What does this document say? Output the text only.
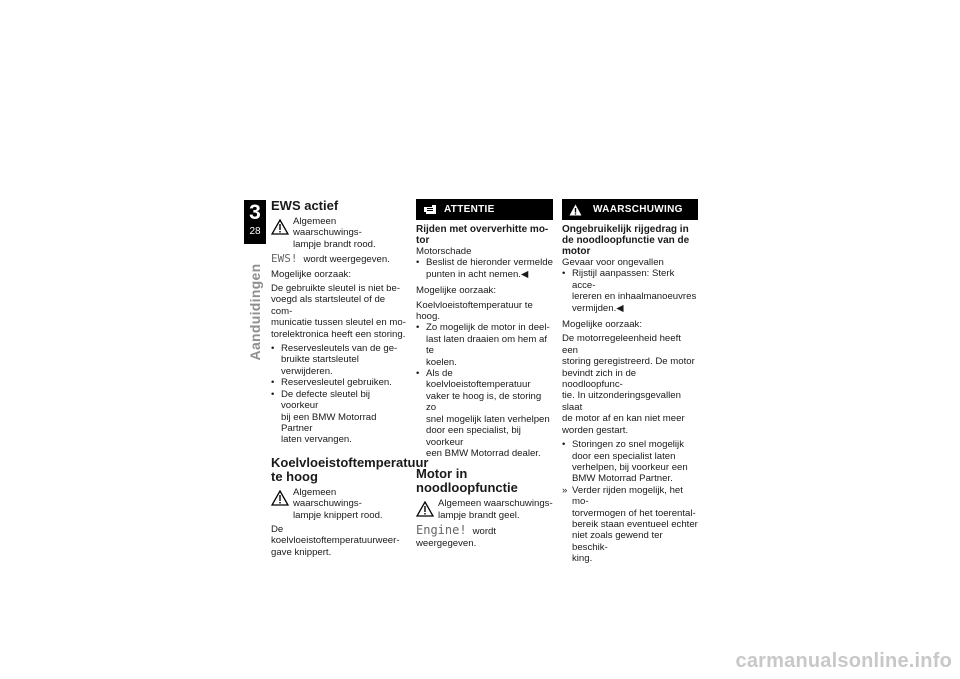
3
28
Aanduidingen
EWS actief
Algemeen waarschuwings-
lampje brandt rood.

EWS! wordt weergegeven.

Mogelijke oorzaak:

De gebruikte sleutel is niet be-
voegd als startsleutel of de com-
municatie tussen sleutel en mo-
torelektronica heeft een storing.

• Reservesleutels van de ge-
bruikte startsleutel verwijderen.
• Reservesleutel gebruiken.
• De defecte sleutel bij voorkeur
bij een BMW Motorrad Partner
laten vervangen.
Koelvloeistoftemperatuur
te hoog
Algemeen waarschuwings-
lampje knippert rood.

De koelvloeistoftemperatuurweer-
gave knippert.

ATTENTIE
Rijden met oververhitte mo-
tor

Motorschade

• Beslist de hieronder vermelde
punten in acht nemen.◀

Mogelijke oorzaak:

Koelvloeistoftemperatuur te hoog.

• Zo mogelijk de motor in deel-
last laten draaien om hem af te
koelen.
• Als de koelvloeistoftemperatuur
vaker te hoog is, de storing zo
snel mogelijk laten verhelpen
door een specialist, bij voorkeur
een BMW Motorrad dealer.
Motor in noodloopfunctie
Algemeen waarschuwings-
lampje brandt geel.

Engine! wordt weergegeven.

WAARSCHUWING
Ongebruikelijk rijgedrag in
de noodloopfunctie van de
motor

Gevaar voor ongevallen

• Rijstijl aanpassen: Sterk acce-
lereren en inhaalmanoeuvres
vermijden.◀

Mogelijke oorzaak:

De motorregeleenheid heeft een
storing geregistreerd. De motor
bevindt zich in de noodloopfunc-
tie. In uitzonderingsgevallen slaat
de motor af en kan niet meer
worden gestart.

• Storingen zo snel mogelijk
door een specialist laten
verhelpen, bij voorkeur een
BMW Motorrad Partner.
» Verder rijden mogelijk, het mo-
torvermogen of het toerental-
bereik staan eventueel echter
niet zoals gewend ter beschik-
king.
carmanualsonline.info
